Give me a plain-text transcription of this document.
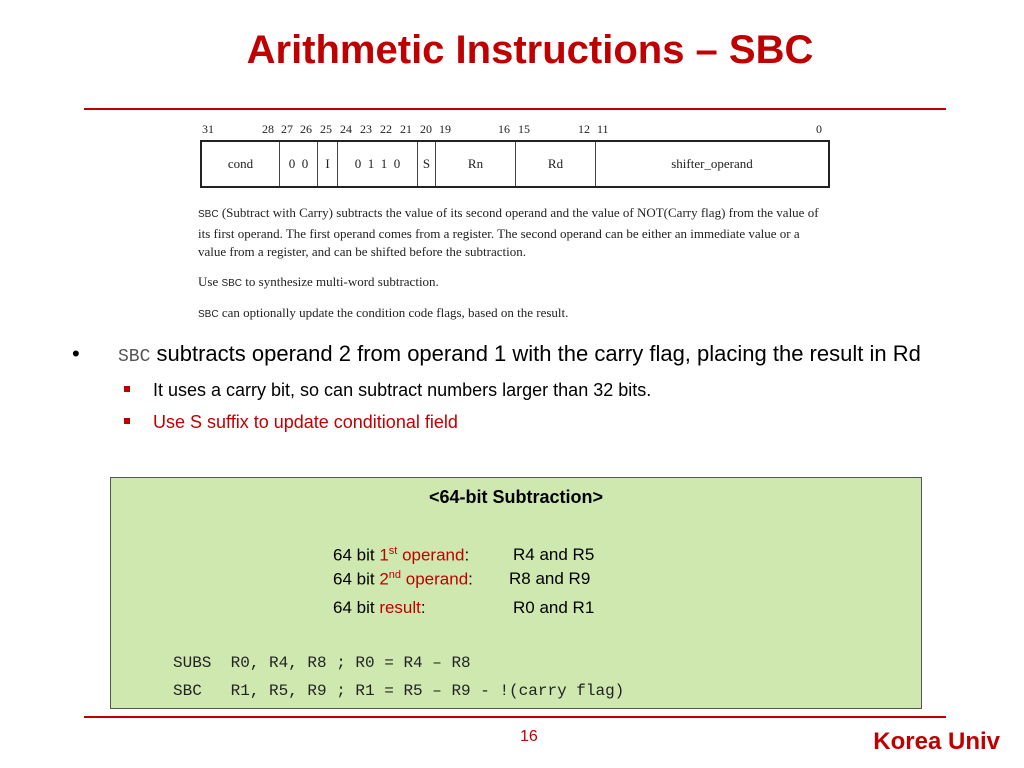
Arithmetic Instructions – SBC
31	28 27 26 25 24 23 22 21 20 19	16 15	12 11	0
cond	0  0	I	0  1  1  0	S	Rn	Rd	shifter_operand

SBC (Subtract with Carry) subtracts the value of its second operand and the value of NOT(Carry flag) from the value of its first operand. The first operand comes from a register. The second operand can be either an immediate value or a value from a register, and can be shifted before the subtraction.

Use SBC to synthesize multi-word subtraction.

SBC can optionally update the condition code flags, based on the result.

• SBC subtracts operand 2 from operand 1 with the carry flag, placing the result in Rd
It uses a carry bit, so can subtract numbers larger than 32 bits.
Use S suffix to update conditional field
<64-bit Subtraction>
64 bit 1st operand:	R4 and R5
64 bit 2nd operand: R8 and R9
64 bit result:	R0 and R1
SUBS  R0, R4, R8 ; R0 = R4 – R8
SBC   R1, R5, R9 ; R1 = R5 – R9 - !(carry flag)
16	Korea Univ
